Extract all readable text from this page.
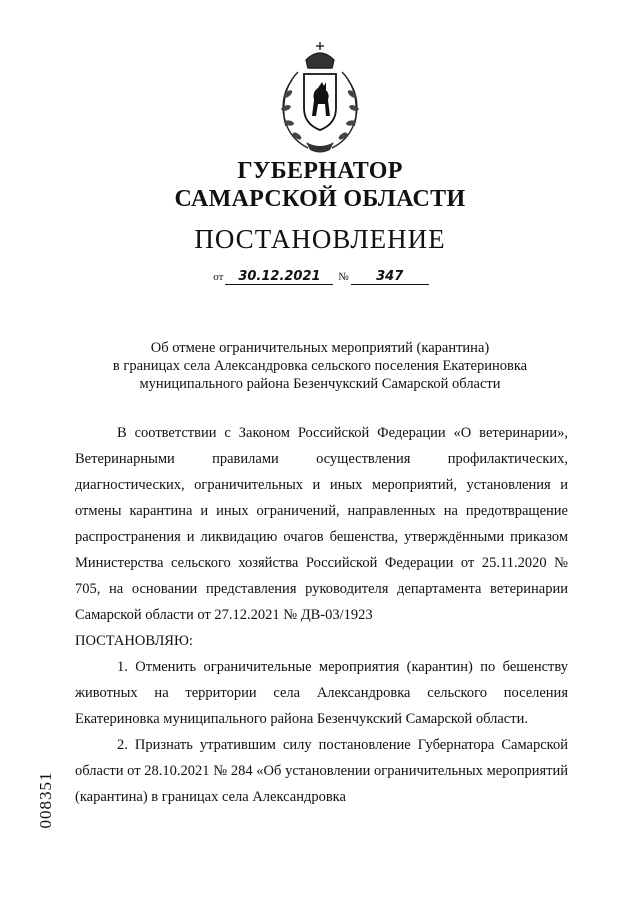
ГУБЕРНАТОР
САМАРСКОЙ ОБЛАСТИ
ПОСТАНОВЛЕНИЕ
от 30.12.2021 № 347
Об отмене ограничительных мероприятий (карантина)
в границах села Александровка сельского поселения Екатериновка
муниципального района Безенчукский Самарской области

В соответствии с Законом Российской Федерации «О ветеринарии», Ветеринарными правилами осуществления профилактических, диагностических, ограничительных и иных мероприятий, установления и отмены карантина и иных ограничений, направленных на предотвращение распространения и ликвидацию очагов бешенства, утверждёнными приказом Министерства сельского хозяйства Российской Федерации от 25.11.2020 № 705, на основании представления руководителя департамента ветеринарии Самарской области от 27.12.2021 № ДВ-03/1923

ПОСТАНОВЛЯЮ:

1. Отменить ограничительные мероприятия (карантин) по бешенству животных на территории села Александровка сельского поселения Екатериновка муниципального района Безенчукский Самарской области.

2. Признать утратившим силу постановление Губернатора Самарской области от 28.10.2021 № 284 «Об установлении ограничительных мероприятий (карантина) в границах села Александровка

008351
